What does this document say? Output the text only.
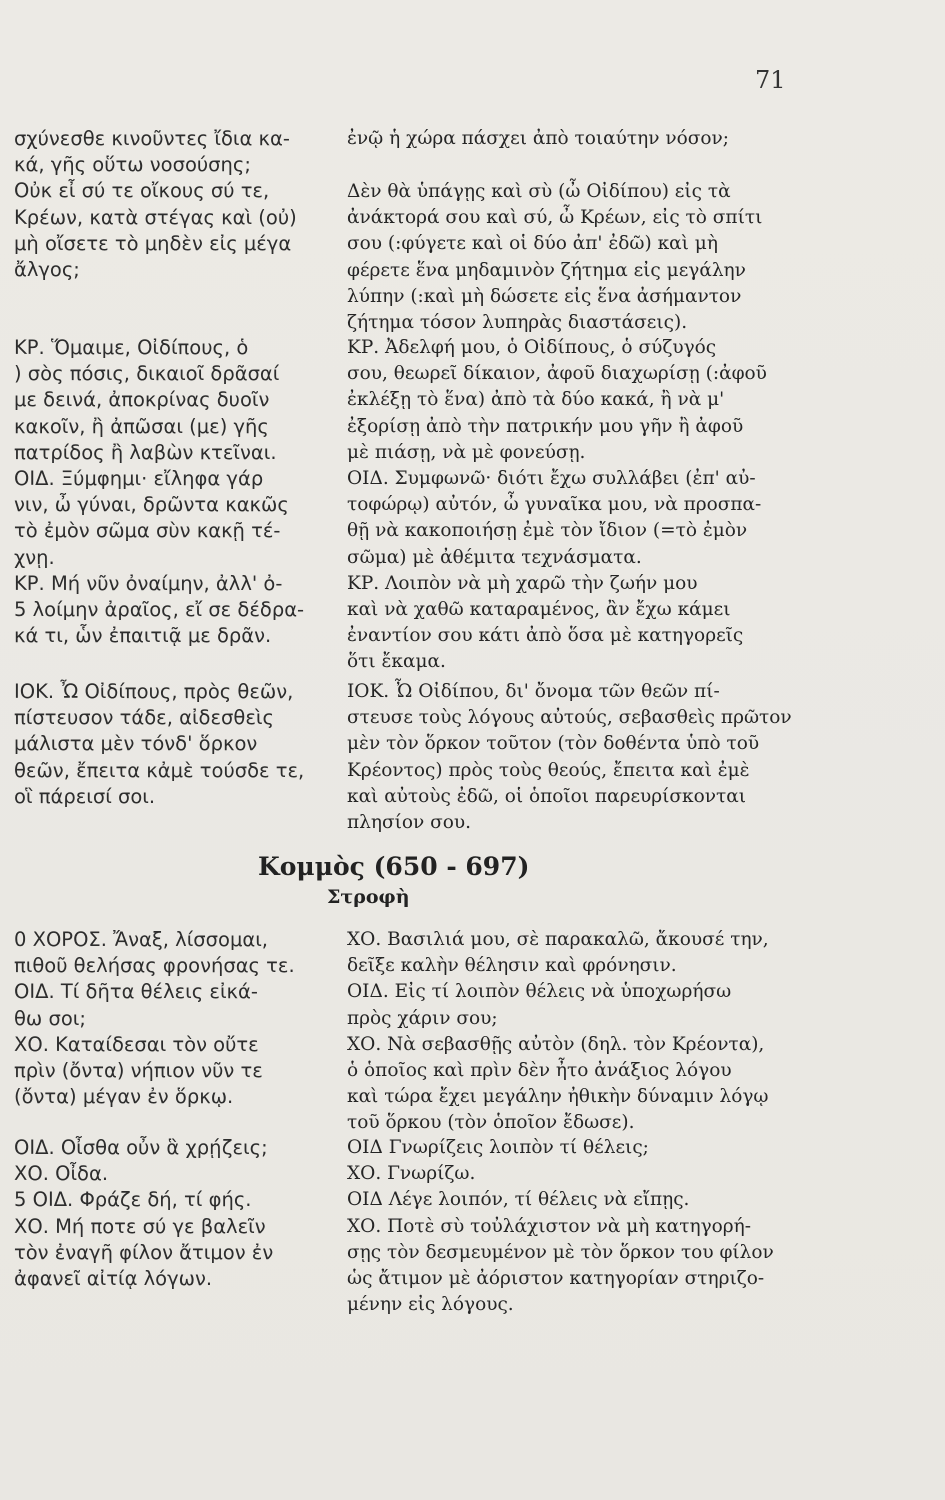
71
σχύνεσθε κινοῦντες ἴδια κα-
κά, γῆς οὕτω νοσούσης;
Οὐκ εἶ σύ τε οἴκους σύ τε,
Κρέων, κατὰ στέγας καὶ (οὐ)
μὴ οἴσετε τὸ μηδὲν εἰς μέγα
ἄλγος;
ΚΡ. Ὅμαιμε, Οἰδίπους, ὁ
) σὸς πόσις, δικαιοῖ δρᾶσαί
με δεινά, ἀποκρίνας δυοῖν
κακοῖν, ἢ ἀπῶσαι (με) γῆς
πατρίδος ἢ λαβὼν κτεῖναι.
ΟΙΔ. Ξύμφημι· εἴληφα γάρ
νιν, ὦ γύναι, δρῶντα κακῶς
τὸ ἐμὸν σῶμα σὺν κακῇ τέ-
χνῃ.
ΚΡ. Μή νῦν ὀναίμην, ἀλλ' ὀ-
5 λοίμην ἀραῖος, εἴ σε δέδρα-
κά τι, ὧν ἐπαιτιᾷ με δρᾶν.
ΙΟΚ. Ὦ Οἰδίπους, πρὸς θεῶν,
πίστευσον τάδε, αἰδεσθεὶς
μάλιστα μὲν τόνδ' ὅρκον
θεῶν, ἔπειτα κἀμὲ τούσδε τε,
οἳ πάρεισί σοι.
0 ΧΟΡΟΣ. Ἄναξ, λίσσομαι,
πιθοῦ θελήσας φρονήσας τε.
ΟΙΔ. Τί δῆτα θέλεις εἰκά-
θω σοι;
ΧΟ. Καταίδεσαι τὸν οὔτε
πρὶν (ὄντα) νήπιον νῦν τε
(ὄντα) μέγαν ἐν ὅρκῳ.
ΟΙΔ. Οἶσθα οὖν ἃ χρῄζεις;
ΧΟ. Οἶδα.
5 ΟΙΔ. Φράζε δή, τί φής.
ΧΟ. Μή ποτε σύ γε βαλεῖν
τὸν ἐναγῆ φίλον ἄτιμον ἐν
ἀφανεῖ αἰτίᾳ λόγων.
ἐνῷ ἡ χώρα πάσχει ἀπὸ τοιαύτην νόσον;
Δὲν θὰ ὑπάγῃς καὶ σὺ (ὦ Οἰδίπου) εἰς τὰ
ἀνάκτορά σου καὶ σύ, ὦ Κρέων, εἰς τὸ σπίτι
σου (:φύγετε καὶ οἱ δύο ἀπ' ἐδῶ) καὶ μὴ
φέρετε ἕνα μηδαμινὸν ζήτημα εἰς μεγάλην
λύπην (:καὶ μὴ δώσετε εἰς ἕνα ἀσήμαντον
ζήτημα τόσον λυπηρὰς διαστάσεις).
ΚΡ. Ἀδελφή μου, ὁ Οἰδίπους, ὁ σύζυγός
σου, θεωρεῖ δίκαιον, ἀφοῦ διαχωρίσῃ (:ἀφοῦ
ἐκλέξῃ τὸ ἕνα) ἀπὸ τὰ δύο κακά, ἢ νὰ μ'
ἐξορίσῃ ἀπὸ τὴν πατρικήν μου γῆν ἢ ἀφοῦ
μὲ πιάσῃ, νὰ μὲ φονεύσῃ.
ΟΙΔ. Συμφωνῶ· διότι ἔχω συλλάβει (ἐπ' αὐ-
τοφώρῳ) αὐτόν, ὦ γυναῖκα μου, νὰ προσπα-
θῇ νὰ κακοποιήσῃ ἐμὲ τὸν ἴδιον (=τὸ ἐμὸν
σῶμα) μὲ ἀθέμιτα τεχνάσματα.
ΚΡ. Λοιπὸν νὰ μὴ χαρῶ τὴν ζωήν μου
καὶ νὰ χαθῶ καταραμένος, ἂν ἔχω κάμει
ἐναντίον σου κάτι ἀπὸ ὅσα μὲ κατηγορεῖς
ὅτι ἔκαμα.
ΙΟΚ. Ὦ Οἰδίπου, δι' ὄνομα τῶν θεῶν πί-
στευσε τοὺς λόγους αὐτούς, σεβασθεὶς πρῶτον
μὲν τὸν ὅρκον τοῦτον (τὸν δοθέντα ὑπὸ τοῦ
Κρέοντος) πρὸς τοὺς θεούς, ἔπειτα καὶ ἐμὲ
καὶ αὐτοὺς ἐδῶ, οἱ ὁποῖοι παρευρίσκονται
πλησίον σου.
ΧΟ. Βασιλιά μου, σὲ παρακαλῶ, ἄκουσέ την,
δεῖξε καλὴν θέλησιν καὶ φρόνησιν.
ΟΙΔ. Εἰς τί λοιπὸν θέλεις νὰ ὑποχωρήσω
πρὸς χάριν σου;
ΧΟ. Νὰ σεβασθῇς αὐτὸν (δηλ. τὸν Κρέοντα),
ὁ ὁποῖος καὶ πρὶν δὲν ἦτο ἀνάξιος λόγου
καὶ τώρα ἔχει μεγάλην ἠθικὴν δύναμιν λόγῳ
τοῦ ὅρκου (τὸν ὁποῖον ἔδωσε).
ΟΙΔ Γνωρίζεις λοιπὸν τί θέλεις;
ΧΟ. Γνωρίζω.
ΟΙΔ Λέγε λοιπόν, τί θέλεις νὰ εἴπῃς.
ΧΟ. Ποτὲ σὺ τοὐλάχιστον νὰ μὴ κατηγορή-
σῃς τὸν δεσμευμένον μὲ τὸν ὅρκον του φίλον
ὡς ἄτιμον μὲ ἀόριστον κατηγορίαν στηριζο-
μένην εἰς λόγους.
Κομμὸς (650 - 697)
Στροφὴ
